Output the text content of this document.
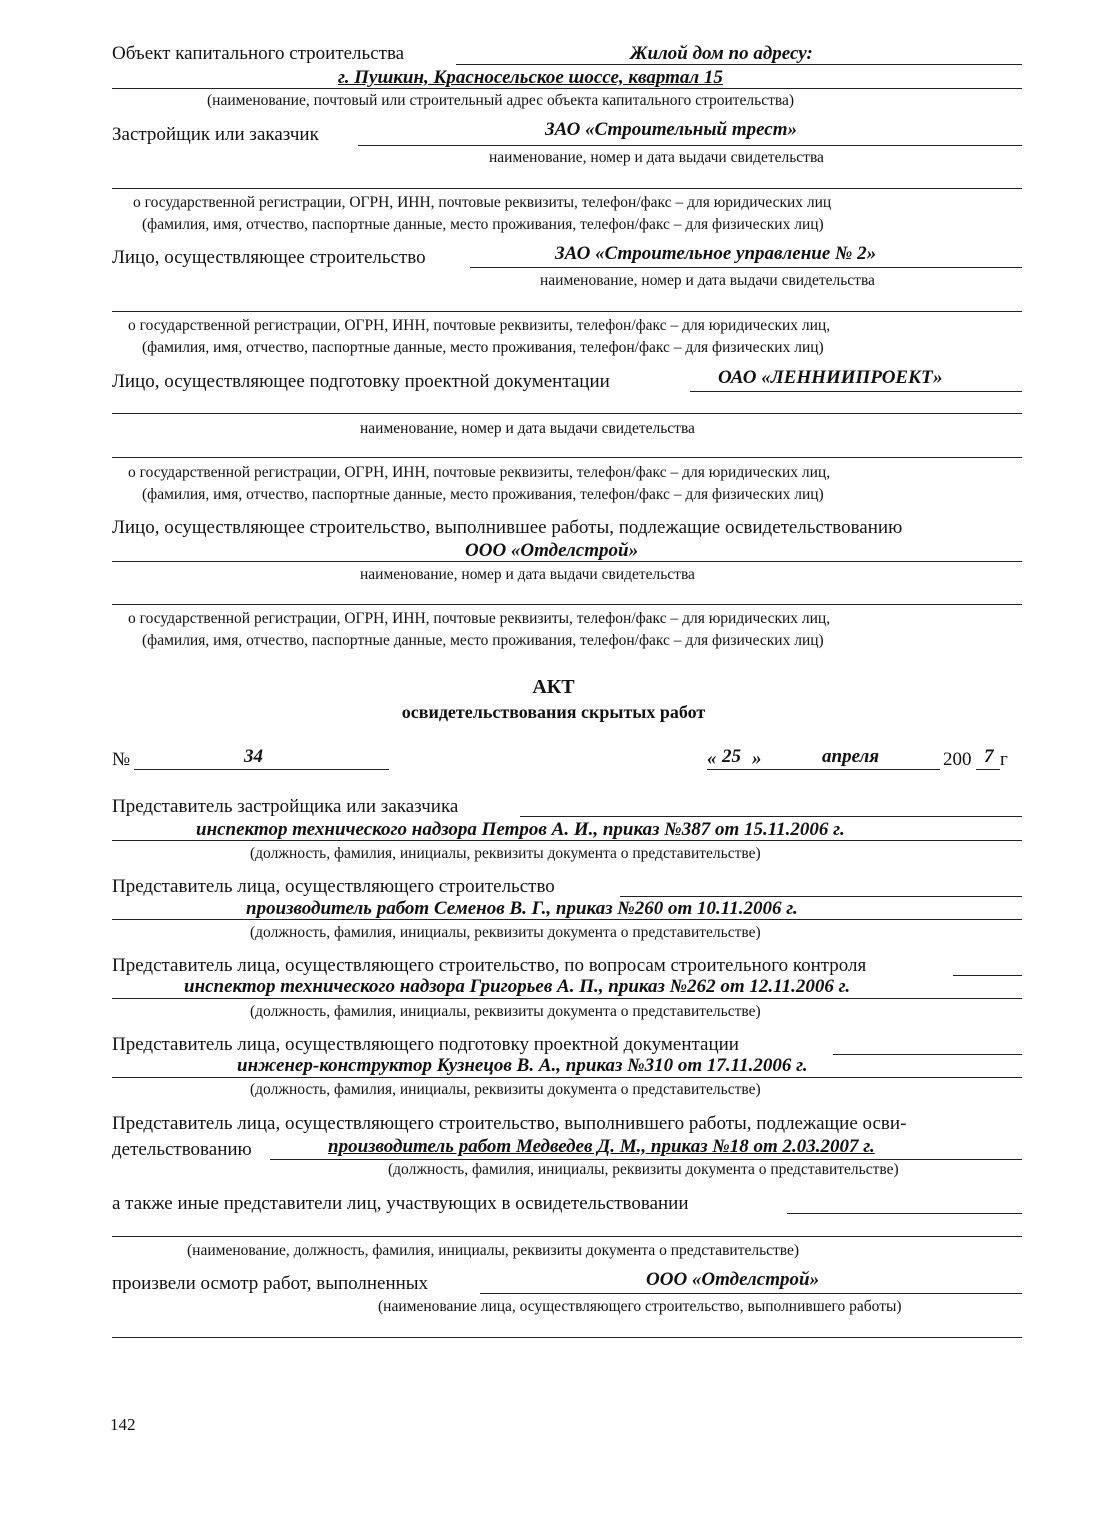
Объект капитального строительства	Жилой дом по адресу:
г. Пушкин, Красносельское шоссе, квартал 15
(наименование, почтовый или строительный адрес объекта капитального строительства)
Застройщик или заказчик	ЗАО «Строительный трест»
наименование, номер и дата выдачи свидетельства
о государственной регистрации, ОГРН, ИНН, почтовые реквизиты, телефон/факс – для юридических лиц
(фамилия, имя, отчество, паспортные данные, место проживания, телефон/факс – для физических лиц)
Лицо, осуществляющее строительство	ЗАО «Строительное управление № 2»
наименование, номер и дата выдачи свидетельства
о государственной регистрации, ОГРН, ИНН, почтовые реквизиты, телефон/факс – для юридических лиц,
(фамилия, имя, отчество, паспортные данные, место проживания, телефон/факс – для физических лиц)
Лицо, осуществляющее подготовку проектной документации	ОАО «ЛЕННИИПРОЕКТ»
наименование, номер и дата выдачи свидетельства
о государственной регистрации, ОГРН, ИНН, почтовые реквизиты, телефон/факс – для юридических лиц,
(фамилия, имя, отчество, паспортные данные, место проживания, телефон/факс – для физических лиц)
Лицо, осуществляющее строительство, выполнившее работы, подлежащие освидетельствованию
ООО «Отделстрой»
наименование, номер и дата выдачи свидетельства
о государственной регистрации, ОГРН, ИНН, почтовые реквизиты, телефон/факс – для юридических лиц,
(фамилия, имя, отчество, паспортные данные, место проживания, телефон/факс – для физических лиц)
АКТ
освидетельствования скрытых работ
№	34	« 25 »	апреля	200 7 г
Представитель застройщика или заказчика
инспектор технического надзора Петров А. И., приказ №387 от 15.11.2006 г.
(должность, фамилия, инициалы, реквизиты документа о представительстве)
Представитель лица, осуществляющего строительство
производитель работ Семенов В. Г., приказ №260 от 10.11.2006 г.
(должность, фамилия, инициалы, реквизиты документа о представительстве)
Представитель лица, осуществляющего строительство, по вопросам строительного контроля
инспектор технического надзора Григорьев А. П., приказ №262 от 12.11.2006 г.
(должность, фамилия, инициалы, реквизиты документа о представительстве)
Представитель лица, осуществляющего подготовку проектной документации
инженер-конструктор Кузнецов В. А., приказ №310 от 17.11.2006 г.
(должность, фамилия, инициалы, реквизиты документа о представительстве)
Представитель лица, осуществляющего строительство, выполнившего работы, подлежащие осви-
детельствованию	производитель работ Медведев Д. М., приказ №18 от 2.03.2007 г.
(должность, фамилия, инициалы, реквизиты документа о представительстве)
а также иные представители лиц, участвующих в освидетельствовании
(наименование, должность, фамилия, инициалы, реквизиты документа о представительстве)
произвели осмотр работ, выполненных	ООО «Отделстрой»
(наименование лица, осуществляющего строительство, выполнившего работы)
142
